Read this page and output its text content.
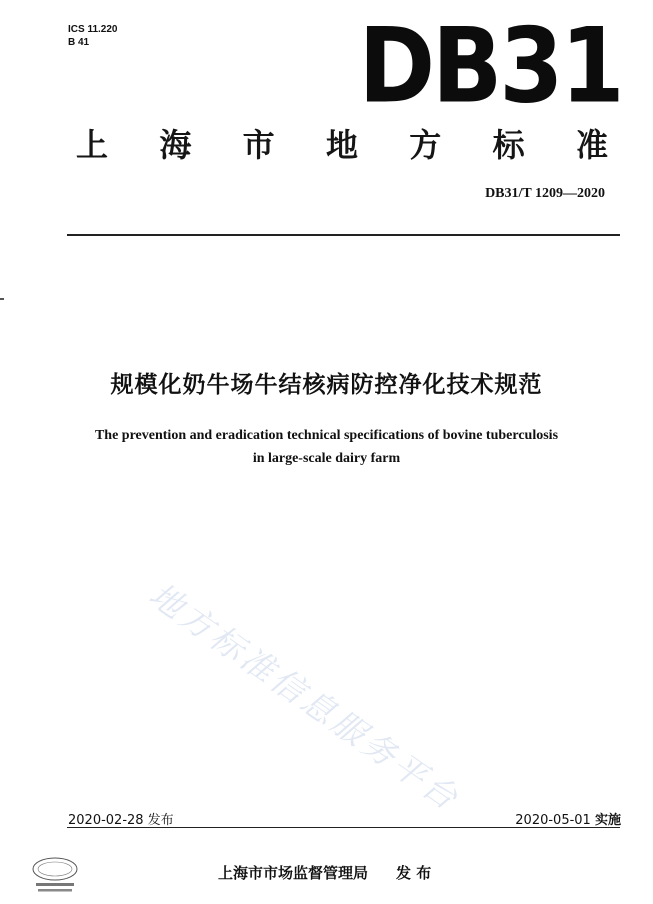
ICS 11.220
B 41	DB31
上	海	市	地	方	标	准
DB31/T 1209—2020
规模化奶牛场牛结核病防控净化技术规范
The prevention and eradication technical specifications of bovine tuberculosis
in large-scale dairy farm
地方标准信息服务平台
2020-02-28 发布	2020-05-01 实施
上海市市场监督管理局 发 布
